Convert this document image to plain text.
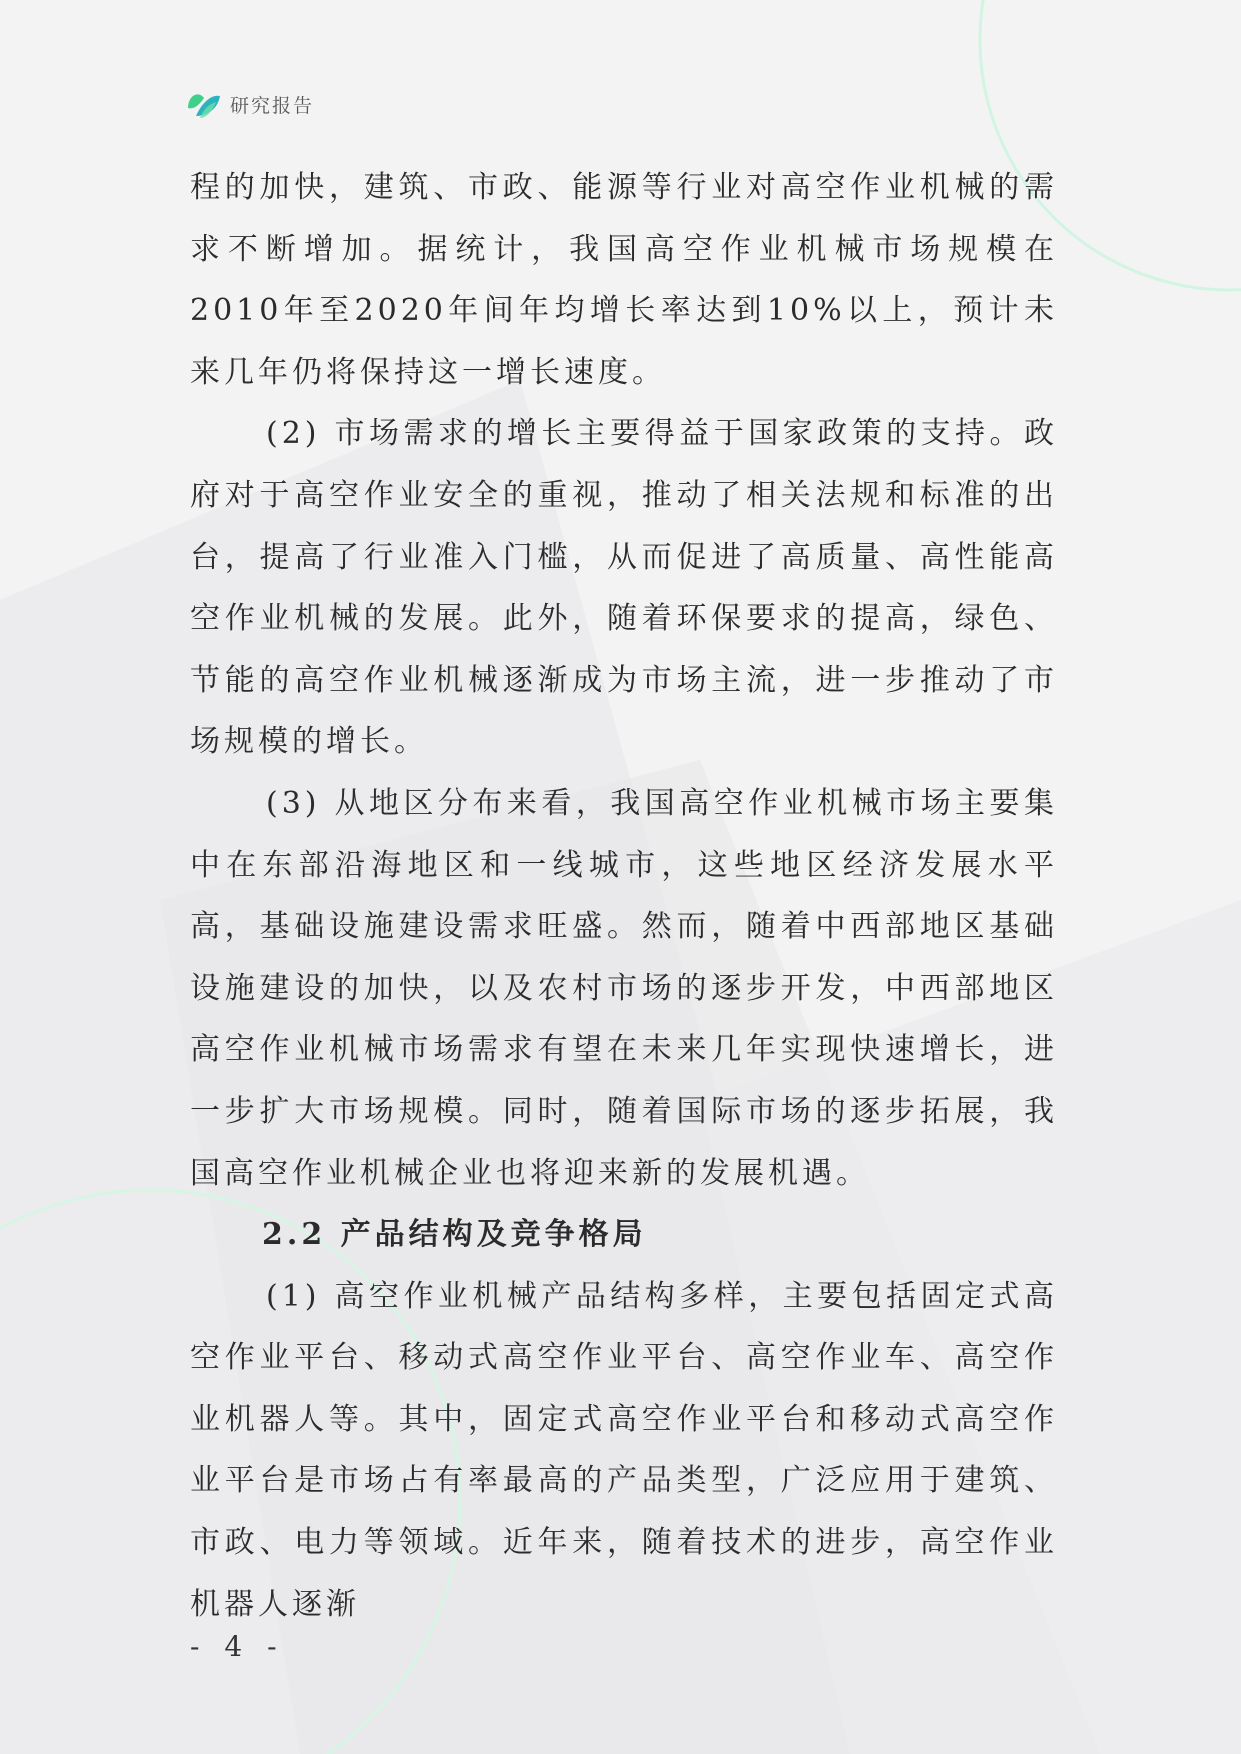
研究报告

程的加快，建筑、市政、能源等行业对高空作业机械的需求不断增加。据统计，我国高空作业机械市场规模在2010年至2020年间年均增长率达到10%以上，预计未来几年仍将保持这一增长速度。

(2) 市场需求的增长主要得益于国家政策的支持。政府对于高空作业安全的重视，推动了相关法规和标准的出台，提高了行业准入门槛，从而促进了高质量、高性能高空作业机械的发展。此外，随着环保要求的提高，绿色、节能的高空作业机械逐渐成为市场主流，进一步推动了市场规模的增长。

(3) 从地区分布来看，我国高空作业机械市场主要集中在东部沿海地区和一线城市，这些地区经济发展水平高，基础设施建设需求旺盛。然而，随着中西部地区基础设施建设的加快，以及农村市场的逐步开发，中西部地区高空作业机械市场需求有望在未来几年实现快速增长，进一步扩大市场规模。同时，随着国际市场的逐步拓展，我国高空作业机械企业也将迎来新的发展机遇。

2.2 产品结构及竞争格局

(1) 高空作业机械产品结构多样，主要包括固定式高空作业平台、移动式高空作业平台、高空作业车、高空作业机器人等。其中，固定式高空作业平台和移动式高空作业平台是市场占有率最高的产品类型，广泛应用于建筑、市政、电力等领域。近年来，随着技术的进步，高空作业机器人逐渐

- 4 -
